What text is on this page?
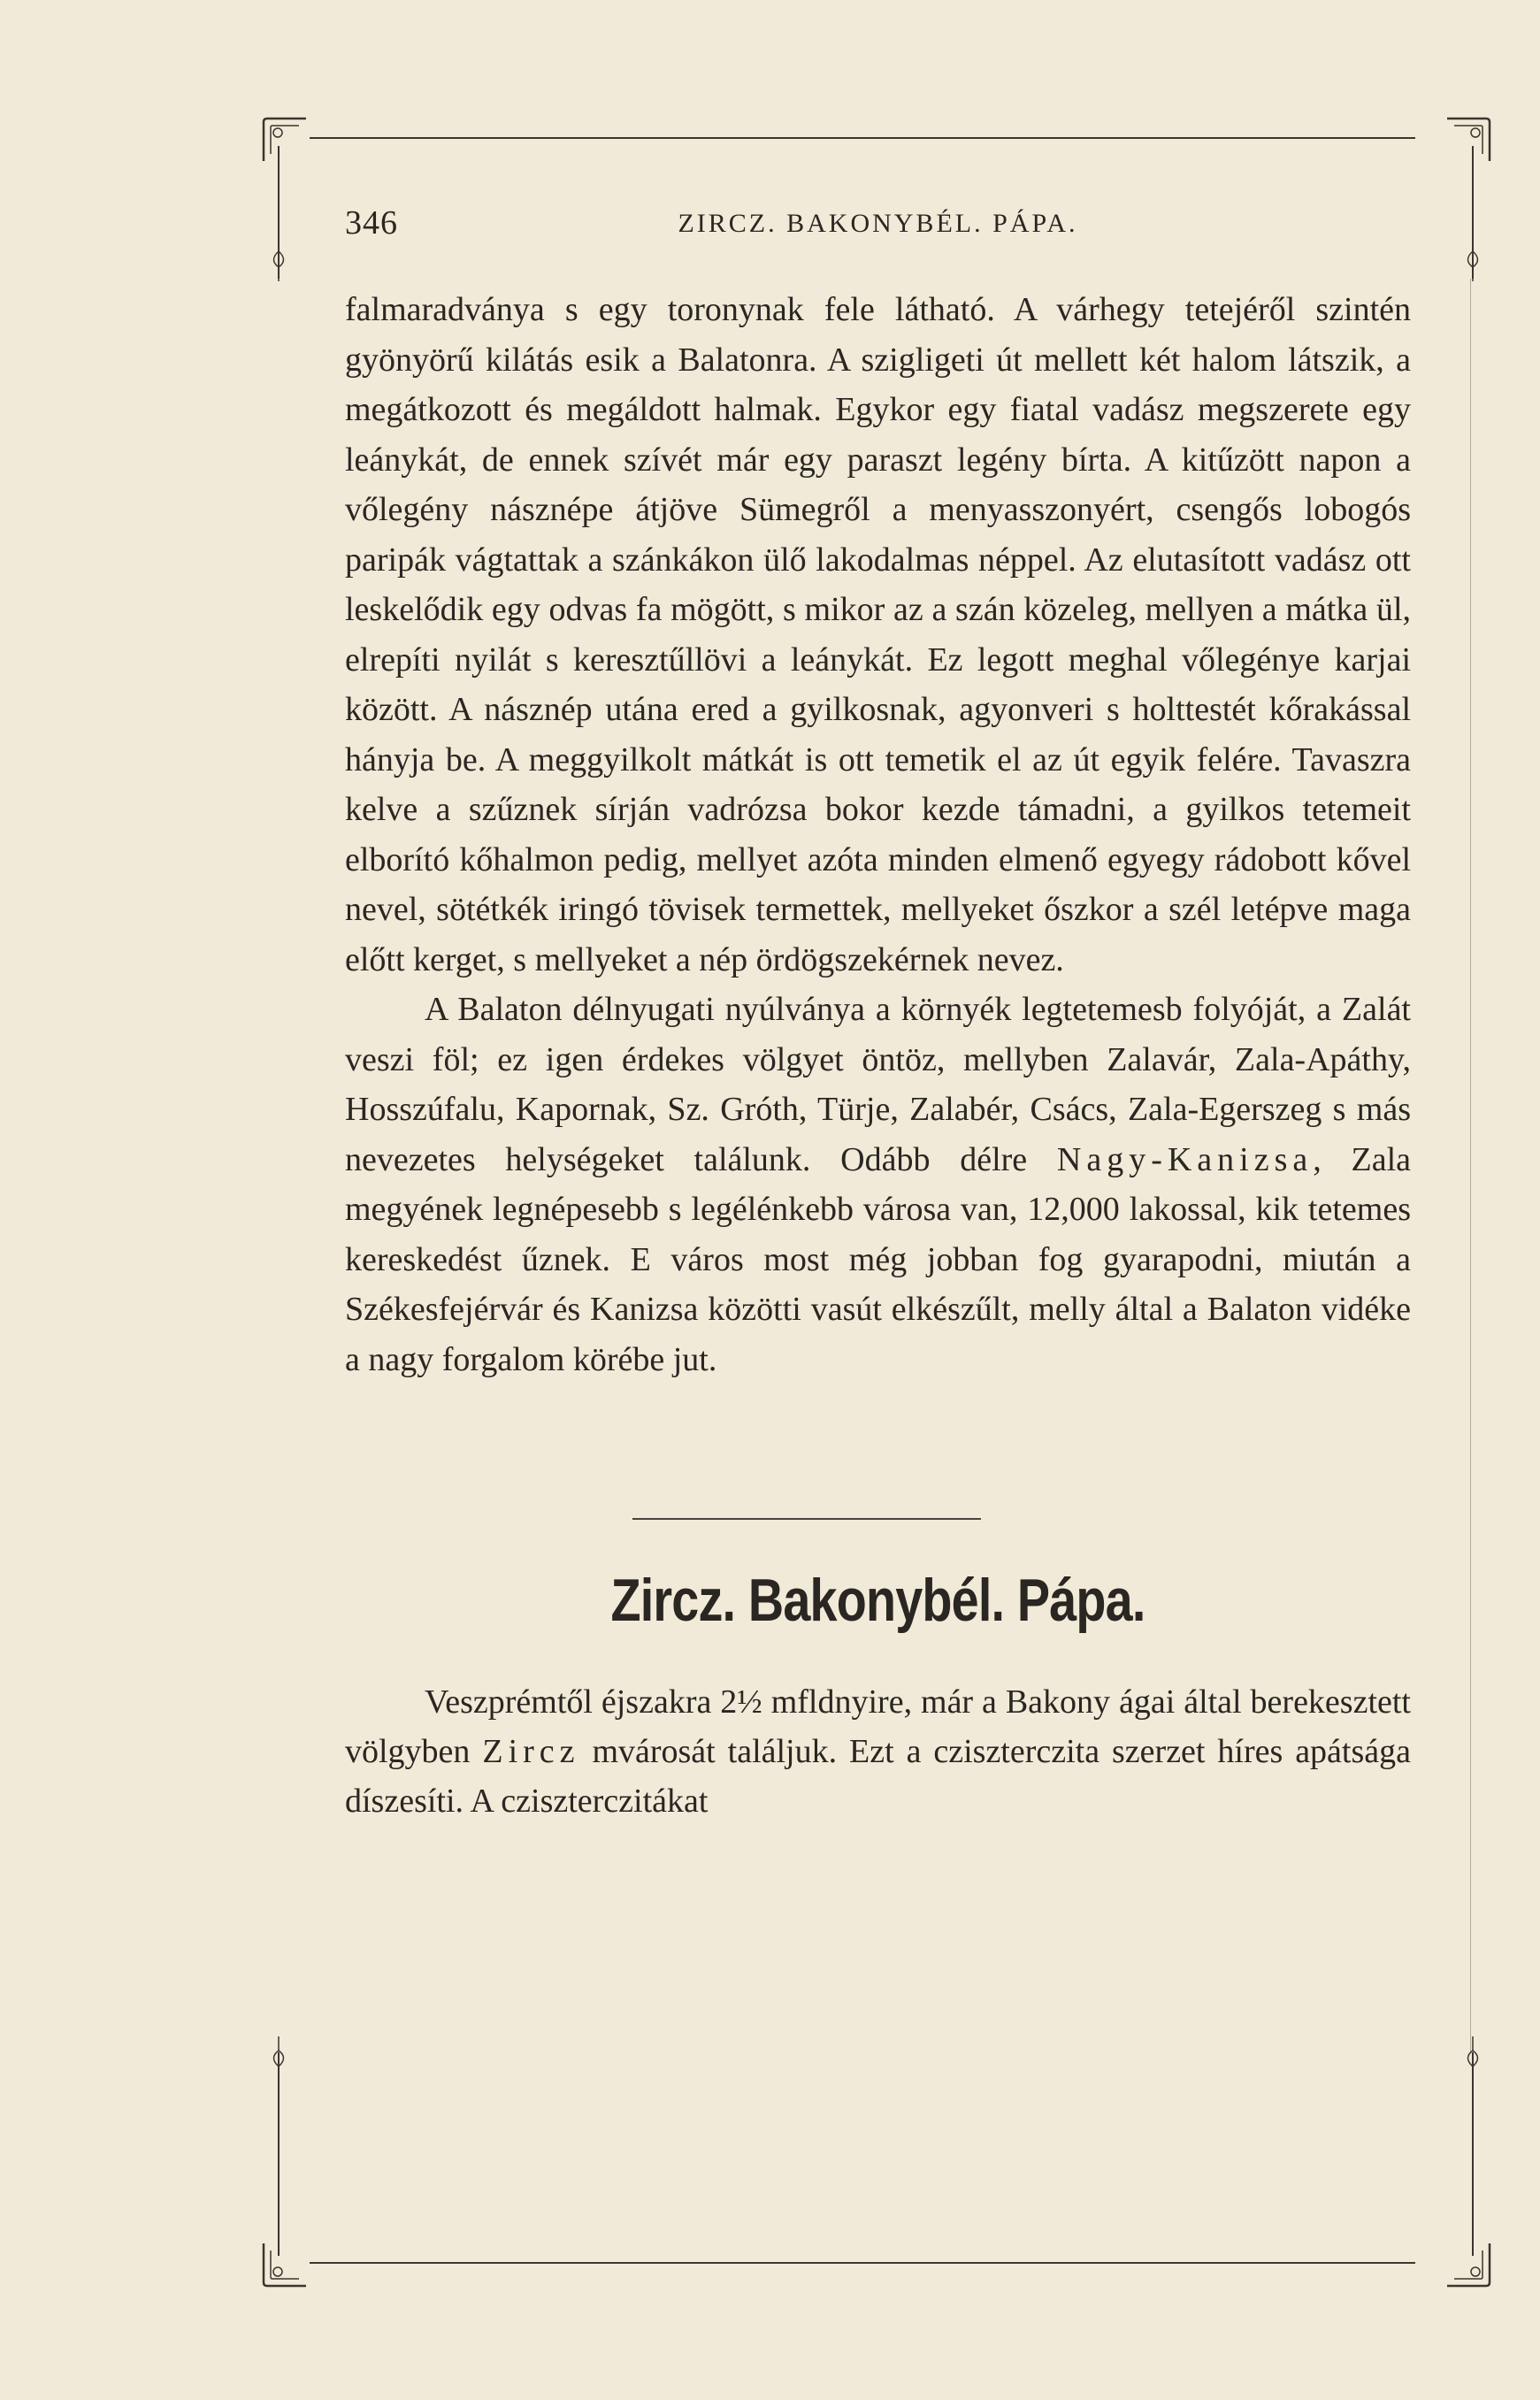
346	ZIRCZ. BAKONYBÉL. PÁPA.

falmaradványa s egy toronynak fele látható. A várhegy tetejéről szintén gyönyörű kilátás esik a Balatonra. A szigligeti út mellett két halom látszik, a megátkozott és megáldott halmak. Egykor egy fiatal vadász megszerete egy leánykát, de ennek szívét már egy paraszt legény bírta. A kitűzött napon a vőlegény násznépe átjöve Sümegről a menyasszonyért, csengős lobogós paripák vágtattak a szánkákon ülő lakodalmas néppel. Az elutasított vadász ott leskelődik egy odvas fa mögött, s mikor az a szán közeleg, mellyen a mátka ül, elrepíti nyilát s keresztűllövi a leánykát. Ez legott meghal vőlegénye karjai között. A násznép utána ered a gyilkosnak, agyonveri s holttestét kőrakással hányja be. A meggyilkolt mátkát is ott temetik el az út egyik felére. Tavaszra kelve a szűznek sírján vadrózsa bokor kezde támadni, a gyilkos tetemeit elborító kőhalmon pedig, mellyet azóta minden elmenő egyegy rádobott kővel nevel, sötétkék iringó tövisek termettek, mellyeket őszkor a szél letépve maga előtt kerget, s mellyeket a nép ördögszekérnek nevez.

A Balaton délnyugati nyúlványa a környék legtetemesb folyóját, a Zalát veszi föl; ez igen érdekes völgyet öntöz, mellyben Zalavár, Zala-Apáthy, Hosszúfalu, Kapornak, Sz. Gróth, Türje, Zalabér, Csács, Zala-Egerszeg s más nevezetes helységeket találunk. Odább délre Nagy-Kanizsa, Zala megyének legnépesebb s legélénkebb városa van, 12,000 lakossal, kik tetemes kereskedést űznek. E város most még jobban fog gyarapodni, miután a Székesfejérvár és Kanizsa közötti vasút elkészűlt, melly által a Balaton vidéke a nagy forgalom körébe jut.

Zircz. Bakonybél. Pápa.

Veszprémtől éjszakra 2½ mfldnyire, már a Bakony ágai által berekesztett völgyben Zircz mvárosát találjuk. Ezt a cziszterczita szerzet híres apátsága díszesíti. A cziszterczitákat
